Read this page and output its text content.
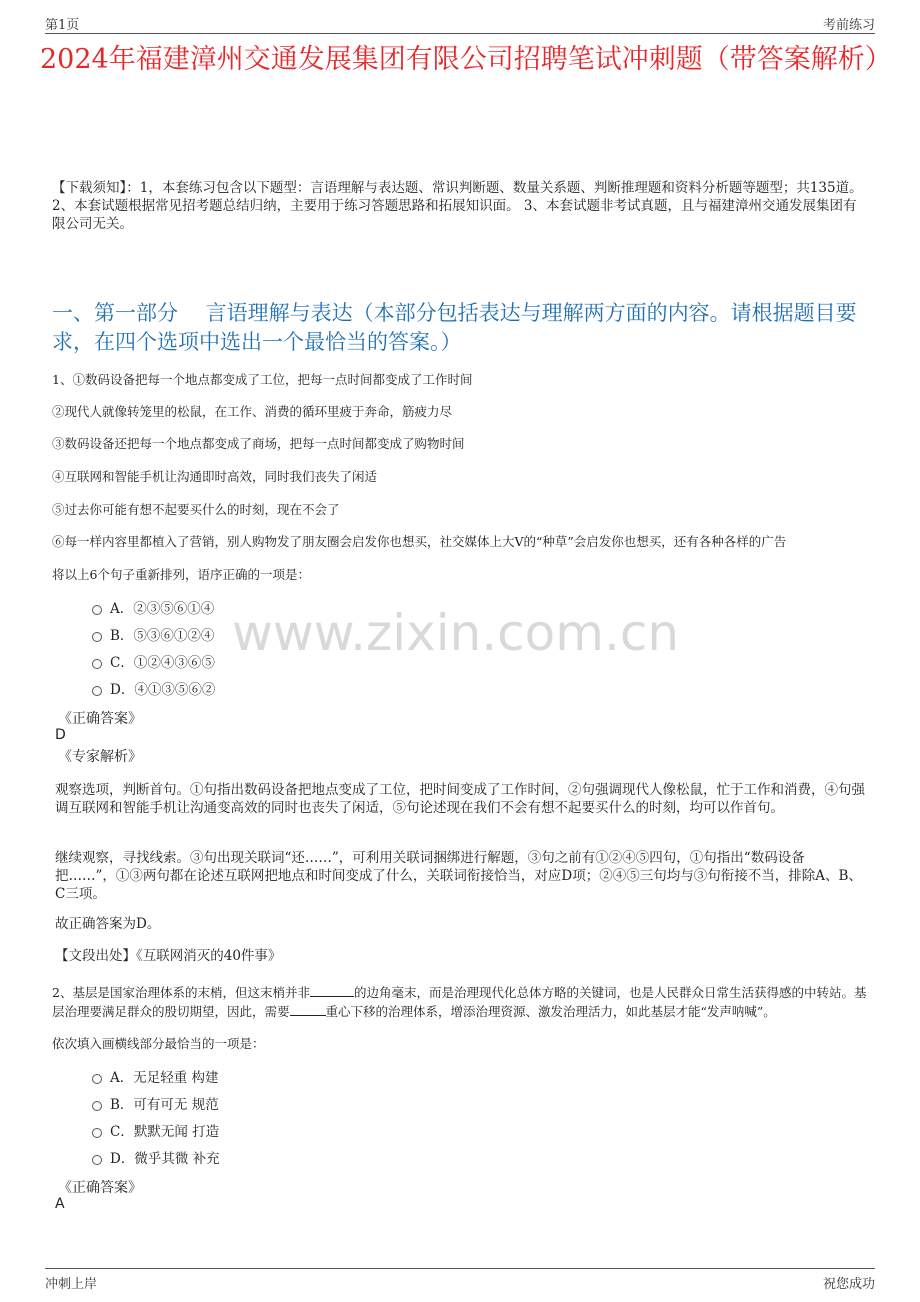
第1页	考前练习
2024年福建漳州交通发展集团有限公司招聘笔试冲刺题（带答案解析）
【下载须知】：1，本套练习包含以下题型：言语理解与表达题、常识判断题、数量关系题、判断推理题和资料分析题等题型；共135道。 2、本套试题根据常见招考题总结归纳，主要用于练习答题思路和拓展知识面。 3、本套试题非考试真题，且与福建漳州交通发展集团有限公司无关。
一、第一部分　 言语理解与表达（本部分包括表达与理解两方面的内容。请根据题目要求，在四个选项中选出一个最恰当的答案。）
1、①数码设备把每一个地点都变成了工位，把每一点时间都变成了工作时间
②现代人就像转笼里的松鼠，在工作、消费的循环里疲于奔命，筋疲力尽
③数码设备还把每一个地点都变成了商场，把每一点时间都变成了购物时间
④互联网和智能手机让沟通即时高效，同时我们丧失了闲适
⑤过去你可能有想不起要买什么的时刻，现在不会了
⑥每一样内容里都植入了营销，别人购物发了朋友圈会启发你也想买，社交媒体上大V的“种草”会启发你也想买，还有各种各样的广告
将以上6个句子重新排列，语序正确的一项是：
A．②③⑤⑥①④
B．⑤③⑥①②④
C．①②④③⑥⑤
D．④①③⑤⑥②
《正确答案》
D
《专家解析》
观察选项，判断首句。①句指出数码设备把地点变成了工位，把时间变成了工作时间，②句强调现代人像松鼠，忙于工作和消费，④句强调互联网和智能手机让沟通变高效的同时也丧失了闲适，⑤句论述现在我们不会有想不起要买什么的时刻，均可以作首句。
继续观察，寻找线索。③句出现关联词“还……”，可利用关联词捆绑进行解题，③句之前有①②④⑤四句，①句指出“数码设备把……”，①③两句都在论述互联网把地点和时间变成了什么，关联词衔接恰当，对应D项；②④⑤三句均与③句衔接不当，排除A、B、C三项。
故正确答案为D。
【文段出处】《互联网消灭的40件事》
2、基层是国家治理体系的末梢，但这末梢并非	的边角毫末，而是治理现代化总体方略的关键词，也是人民群众日常生活获得感的中转站。基层治理要满足群众的殷切期望，因此，需要	重心下移的治理体系，增添治理资源、激发治理活力，如此基层才能“发声呐喊”。
依次填入画横线部分最恰当的一项是：
A．无足轻重 构建
B．可有可无 规范
C．默默无闻 打造
D．微乎其微 补充
《正确答案》
A
www.zixin.com.cn
冲刺上岸	祝您成功
